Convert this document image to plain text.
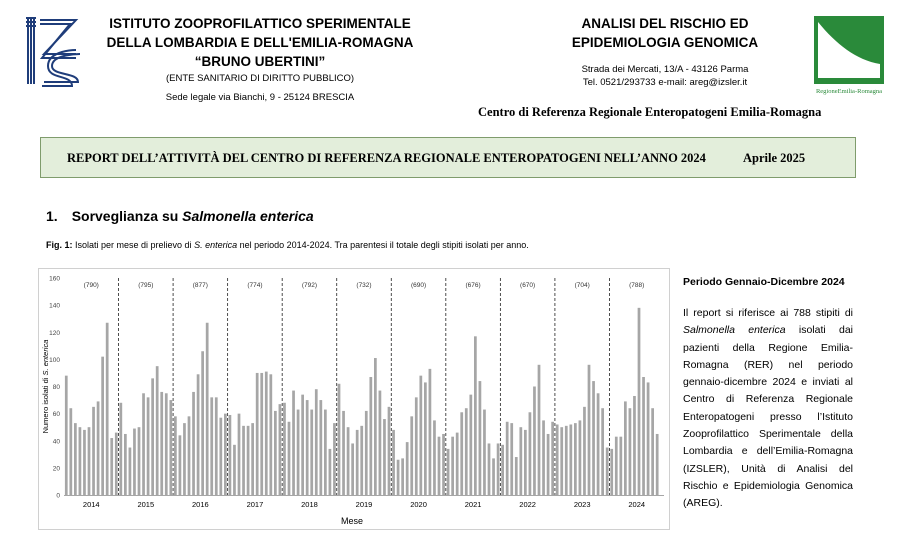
ISTITUTO ZOOPROFILATTICO SPERIMENTALE
DELLA LOMBARDIA E DELL'EMILIA-ROMAGNA
“BRUNO UBERTINI”
(ENTE SANITARIO DI DIRITTO PUBBLICO)
Sede legale via Bianchi, 9 - 25124 BRESCIA
ANALISI DEL RISCHIO ED
EPIDEMIOLOGIA GENOMICA
Strada dei Mercati, 13/A - 43126 Parma
Tel. 0521/293733 e-mail: areg@izsler.it
RegioneEmilia-Romagna
Centro di Referenza Regionale Enteropatogeni Emilia-Romagna
REPORT DELL’ATTIVITÀ DEL CENTRO DI REFERENZA REGIONALE ENTEROPATOGENI NELL’ANNO 2024	Aprile 2025
1. Sorveglianza su Salmonella enterica
Fig. 1: Isolati per mese di prelievo di S. enterica nel periodo 2014-2024. Tra parentesi il totale degli stipiti isolati per anno.
0
20
40
60
80
100
120
140
160
Numero isolati di S. enterica
(790)
2014
(795)
2015
(877)
2016
(774)
2017
(792)
2018
(732)
2019
(690)
2020
(676)
2021
(670)
2022
(704)
2023
(788)
2024
Mese
Periodo Gennaio-Dicembre 2024
Il report si riferisce ai 788 stipiti di Salmonella enterica isolati dai pazienti della Regione Emilia-Romagna (RER) nel periodo gennaio-dicembre 2024 e inviati al Centro di Referenza Regionale Enteropatogeni presso l’Istituto Zooprofilattico Sperimentale della Lombardia e dell’Emilia-Romagna (IZSLER), Unità di Analisi del Rischio e Epidemiologia Genomica (AREG).
